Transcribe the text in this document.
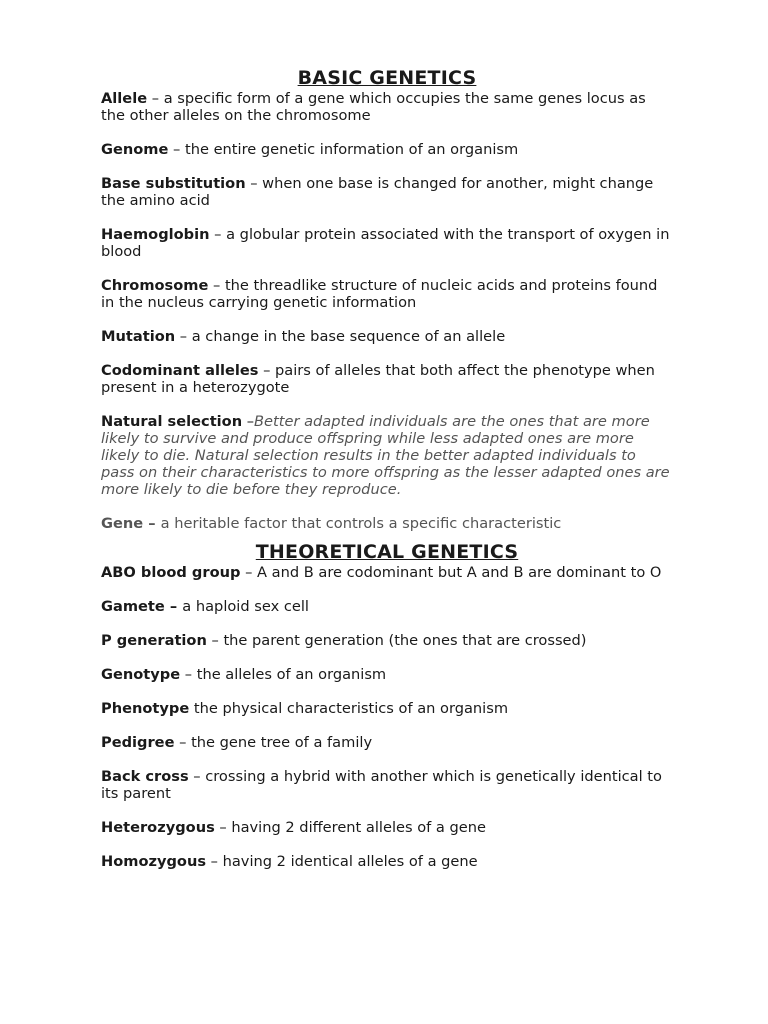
BASIC GENETICS

Allele – a specific form of a gene which occupies the same genes locus as the other alleles on the chromosome

Genome – the entire genetic information of an organism

Base substitution – when one base is changed for another, might change the amino acid

Haemoglobin – a globular protein associated with the transport of oxygen in blood

Chromosome – the threadlike structure of nucleic acids and proteins found in the nucleus carrying genetic information

Mutation – a change in the base sequence of an allele

Codominant alleles – pairs of alleles that both affect the phenotype when present in a heterozygote

Natural selection –Better adapted individuals are the ones that are more likely to survive and produce offspring while less adapted ones are more likely to die. Natural selection results in the better adapted individuals to pass on their characteristics to more offspring as the lesser adapted ones are more likely to die before they reproduce.

Gene – a heritable factor that controls a specific characteristic

THEORETICAL GENETICS

ABO blood group – A and B are codominant but A and B are dominant to O

Gamete – a haploid sex cell

P generation – the parent generation (the ones that are crossed)

Genotype – the alleles of an organism

Phenotype the physical characteristics of an organism

Pedigree – the gene tree of a family

Back cross – crossing a hybrid with another which is genetically identical to its parent

Heterozygous – having 2 different alleles of a gene

Homozygous – having 2 identical alleles of a gene
